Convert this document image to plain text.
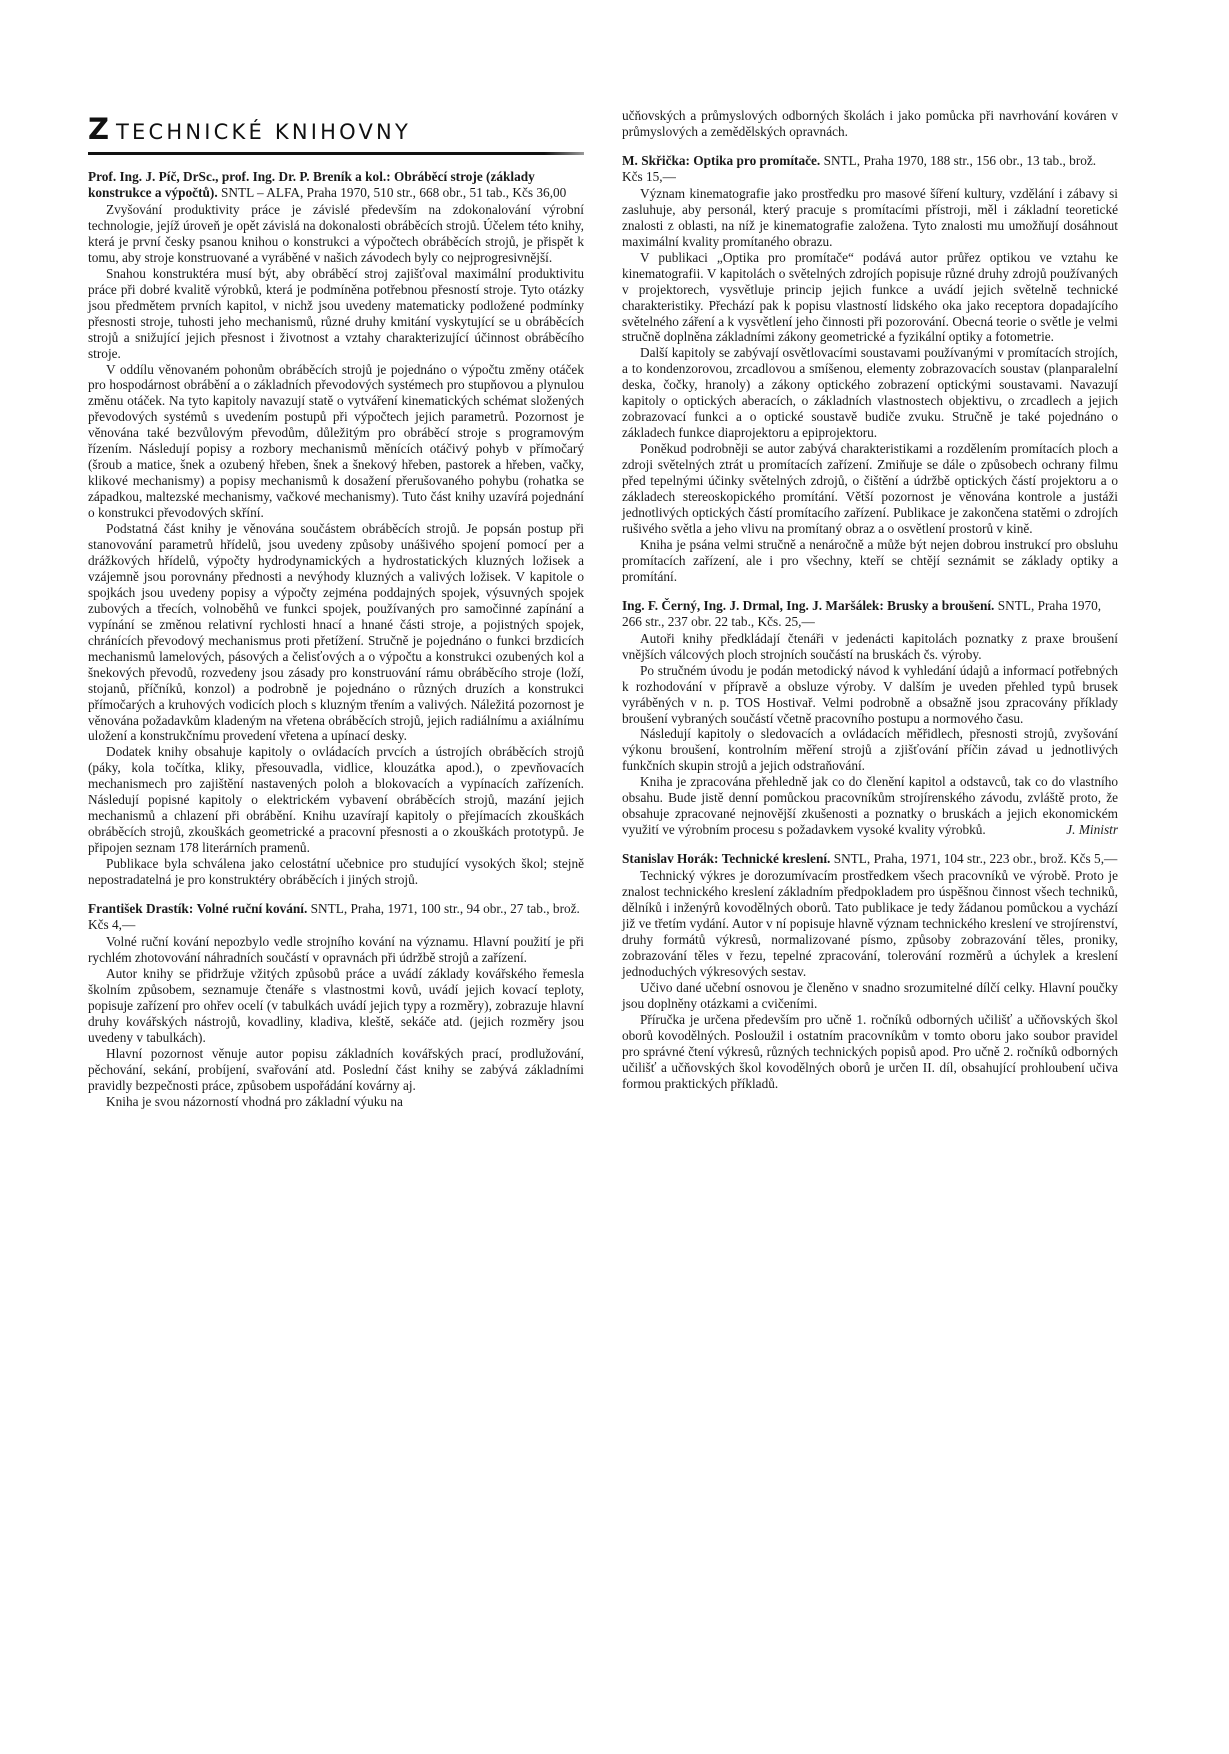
Z TECHNICKÉ KNIHOVNY

Prof. Ing. J. Píč, DrSc., prof. Ing. Dr. P. Breník a kol.: Obráběcí stroje (základy konstrukce a výpočtů). SNTL – ALFA, Praha 1970, 510 str., 668 obr., 51 tab., Kčs 36,00

Zvyšování produktivity práce je závislé především na zdokonalování výrobní technologie, jejíž úroveň je opět závislá na dokonalosti obráběcích strojů. Účelem této knihy, která je první česky psanou knihou o konstrukci a výpočtech obráběcích strojů, je přispět k tomu, aby stroje konstruované a vyráběné v našich závodech byly co nejprogresivnější.

Snahou konstruktéra musí být, aby obráběcí stroj zajišťoval maximální produktivitu práce při dobré kvalitě výrobků, která je podmíněna potřebnou přesností stroje. Tyto otázky jsou předmětem prvních kapitol, v nichž jsou uvedeny matematicky podložené podmínky přesnosti stroje, tuhosti jeho mechanismů, různé druhy kmitání vyskytující se u obráběcích strojů a snižující jejich přesnost i životnost a vztahy charakterizující účinnost obráběcího stroje.

V oddílu věnovaném pohonům obráběcích strojů je pojednáno o výpočtu změny otáček pro hospodárnost obrábění a o základních převodových systémech pro stupňovou a plynulou změnu otáček. Na tyto kapitoly navazují statě o vytváření kinematických schémat složených převodových systémů s uvedením postupů při výpočtech jejich parametrů. Pozornost je věnována také bezvůlovým převodům, důležitým pro obráběcí stroje s programovým řízením. Následují popisy a rozbory mechanismů měnících otáčivý pohyb v přímočarý (šroub a matice, šnek a ozubený hřeben, šnek a šnekový hřeben, pastorek a hřeben, vačky, klikové mechanismy) a popisy mechanismů k dosažení přerušovaného pohybu (rohatka se západkou, maltezské mechanismy, vačkové mechanismy). Tuto část knihy uzavírá pojednání o konstrukci převodových skříní.

Podstatná část knihy je věnována součástem obráběcích strojů. Je popsán postup při stanovování parametrů hřídelů, jsou uvedeny způsoby unášivého spojení pomocí per a drážkových hřídelů, výpočty hydrodynamických a hydrostatických kluzných ložisek a vzájemně jsou porovnány přednosti a nevýhody kluzných a valivých ložisek. V kapitole o spojkách jsou uvedeny popisy a výpočty zejména poddajných spojek, výsuvných spojek zubových a třecích, volnoběhů ve funkci spojek, používaných pro samočinné zapínání a vypínání se změnou relativní rychlosti hnací a hnané části stroje, a pojistných spojek, chránících převodový mechanismus proti přetížení. Stručně je pojednáno o funkci brzdicích mechanismů lamelových, pásových a čelisťových a o výpočtu a konstrukci ozubených kol a šnekových převodů, rozvedeny jsou zásady pro konstruování rámu obráběcího stroje (loží, stojanů, příčníků, konzol) a podrobně je pojednáno o různých druzích a konstrukci přímočarých a kruhových vodicích ploch s kluzným třením a valivých. Náležitá pozornost je věnována požadavkům kladeným na vřetena obráběcích strojů, jejich radiálnímu a axiálnímu uložení a konstrukčnímu provedení vřetena a upínací desky.

Dodatek knihy obsahuje kapitoly o ovládacích prvcích a ústrojích obráběcích strojů (páky, kola točítka, kliky, přesouvadla, vidlice, klouzátka apod.), o zpevňovacích mechanismech pro zajištění nastavených poloh a blokovacích a vypínacích zařízeních. Následují popisné kapitoly o elektrickém vybavení obráběcích strojů, mazání jejich mechanismů a chlazení při obrábění. Knihu uzavírají kapitoly o přejímacích zkouškách obráběcích strojů, zkouškách geometrické a pracovní přesnosti a o zkouškách prototypů. Je připojen seznam 178 literárních pramenů.

Publikace byla schválena jako celostátní učebnice pro studující vysokých škol; stejně nepostradatelná je pro konstruktéry obráběcích i jiných strojů.

František Drastík: Volné ruční kování. SNTL, Praha, 1971, 100 str., 94 obr., 27 tab., brož. Kčs 4,—

Volné ruční kování nepozbylo vedle strojního kování na významu. Hlavní použití je při rychlém zhotovování náhradních součástí v opravnách při údržbě strojů a zařízení.

Autor knihy se přidržuje vžitých způsobů práce a uvádí základy kovářského řemesla školním způsobem, seznamuje čtenáře s vlastnostmi kovů, uvádí jejich kovací teploty, popisuje zařízení pro ohřev ocelí (v tabulkách uvádí jejich typy a rozměry), zobrazuje hlavní druhy kovářských nástrojů, kovadliny, kladiva, kleště, sekáče atd. (jejich rozměry jsou uvedeny v tabulkách).

Hlavní pozornost věnuje autor popisu základních kovářských prací, prodlužování, pěchování, sekání, probíjení, svařování atd. Poslední část knihy se zabývá základními pravidly bezpečnosti práce, způsobem uspořádání kovárny aj.

Kniha je svou názorností vhodná pro základní výuku na

učňovských a průmyslových odborných školách i jako pomůcka při navrhování kováren v průmyslových a zemědělských opravnách.

M. Skřička: Optika pro promítače. SNTL, Praha 1970, 188 str., 156 obr., 13 tab., brož. Kčs 15,—

Význam kinematografie jako prostředku pro masové šíření kultury, vzdělání i zábavy si zasluhuje, aby personál, který pracuje s promítacími přístroji, měl i základní teoretické znalosti z oblasti, na níž je kinematografie založena. Tyto znalosti mu umožňují dosáhnout maximální kvality promítaného obrazu.

V publikaci „Optika pro promítače“ podává autor průřez optikou ve vztahu ke kinematografii. V kapitolách o světelných zdrojích popisuje různé druhy zdrojů používaných v projektorech, vysvětluje princip jejich funkce a uvádí jejich světelně technické charakteristiky. Přechází pak k popisu vlastností lidského oka jako receptora dopadajícího světelného záření a k vysvětlení jeho činnosti při pozorování. Obecná teorie o světle je velmi stručně doplněna základními zákony geometrické a fyzikální optiky a fotometrie.

Další kapitoly se zabývají osvětlovacími soustavami používanými v promítacích strojích, a to kondenzorovou, zrcadlovou a smíšenou, elementy zobrazovacích soustav (planparalelní deska, čočky, hranoly) a zákony optického zobrazení optickými soustavami. Navazují kapitoly o optických aberacích, o základních vlastnostech objektivu, o zrcadlech a jejich zobrazovací funkci a o optické soustavě budiče zvuku. Stručně je také pojednáno o základech funkce diaprojektoru a epiprojektoru.

Poněkud podrobněji se autor zabývá charakteristikami a rozdělením promítacích ploch a zdroji světelných ztrát u promítacích zařízení. Zmiňuje se dále o způsobech ochrany filmu před tepelnými účinky světelných zdrojů, o čištění a údržbě optických částí projektoru a o základech stereoskopického promítání. Větší pozornost je věnována kontrole a justáži jednotlivých optických částí promítacího zařízení. Publikace je zakončena statěmi o zdrojích rušivého světla a jeho vlivu na promítaný obraz a o osvětlení prostorů v kině.

Kniha je psána velmi stručně a nenáročně a může být nejen dobrou instrukcí pro obsluhu promítacích zařízení, ale i pro všechny, kteří se chtějí seznámit se základy optiky a promítání.

Ing. F. Černý, Ing. J. Drmal, Ing. J. Maršálek: Brusky a broušení. SNTL, Praha 1970, 266 str., 237 obr. 22 tab., Kčs. 25,—

Autoři knihy předkládají čtenáři v jedenácti kapitolách poznatky z praxe broušení vnějších válcových ploch strojních součástí na bruskách čs. výroby.

Po stručném úvodu je podán metodický návod k vyhledání údajů a informací potřebných k rozhodování v přípravě a obsluze výroby. V dalším je uveden přehled typů brusek vyráběných v n. p. TOS Hostivař. Velmi podrobně a obsažně jsou zpracovány příklady broušení vybraných součástí včetně pracovního postupu a normového času.

Následují kapitoly o sledovacích a ovládacích měřidlech, přesnosti strojů, zvyšování výkonu broušení, kontrolním měření strojů a zjišťování příčin závad u jednotlivých funkčních skupin strojů a jejich odstraňování.

Kniha je zpracována přehledně jak co do členění kapitol a odstavců, tak co do vlastního obsahu. Bude jistě denní pomůckou pracovníkům strojírenského závodu, zvláště proto, že obsahuje zpracované nejnovější zkušenosti a poznatky o bruskách a jejich ekonomickém využití ve výrobním procesu s požadavkem vysoké kvality výrobků.	J. Ministr

Stanislav Horák: Technické kreslení. SNTL, Praha, 1971, 104 str., 223 obr., brož. Kčs 5,—

Technický výkres je dorozumívacím prostředkem všech pracovníků ve výrobě. Proto je znalost technického kreslení základním předpokladem pro úspěšnou činnost všech techniků, dělníků i inženýrů kovodělných oborů. Tato publikace je tedy žádanou pomůckou a vychází již ve třetím vydání. Autor v ní popisuje hlavně význam technického kreslení ve strojírenství, druhy formátů výkresů, normalizované písmo, způsoby zobrazování těles, proniky, zobrazování těles v řezu, tepelné zpracování, tolerování rozměrů a úchylek a kreslení jednoduchých výkresových sestav.

Učivo dané učební osnovou je členěno v snadno srozumitelné dílčí celky. Hlavní poučky jsou doplněny otázkami a cvičeními.

Příručka je určena především pro učně 1. ročníků odborných učilišť a učňovských škol oborů kovodělných. Posloužil i ostatním pracovníkům v tomto oboru jako soubor pravidel pro správné čtení výkresů, různých technických popisů apod. Pro učně 2. ročníků odborných učilišť a učňovských škol kovodělných oborů je určen II. díl, obsahující prohloubení učiva formou praktických příkladů.
